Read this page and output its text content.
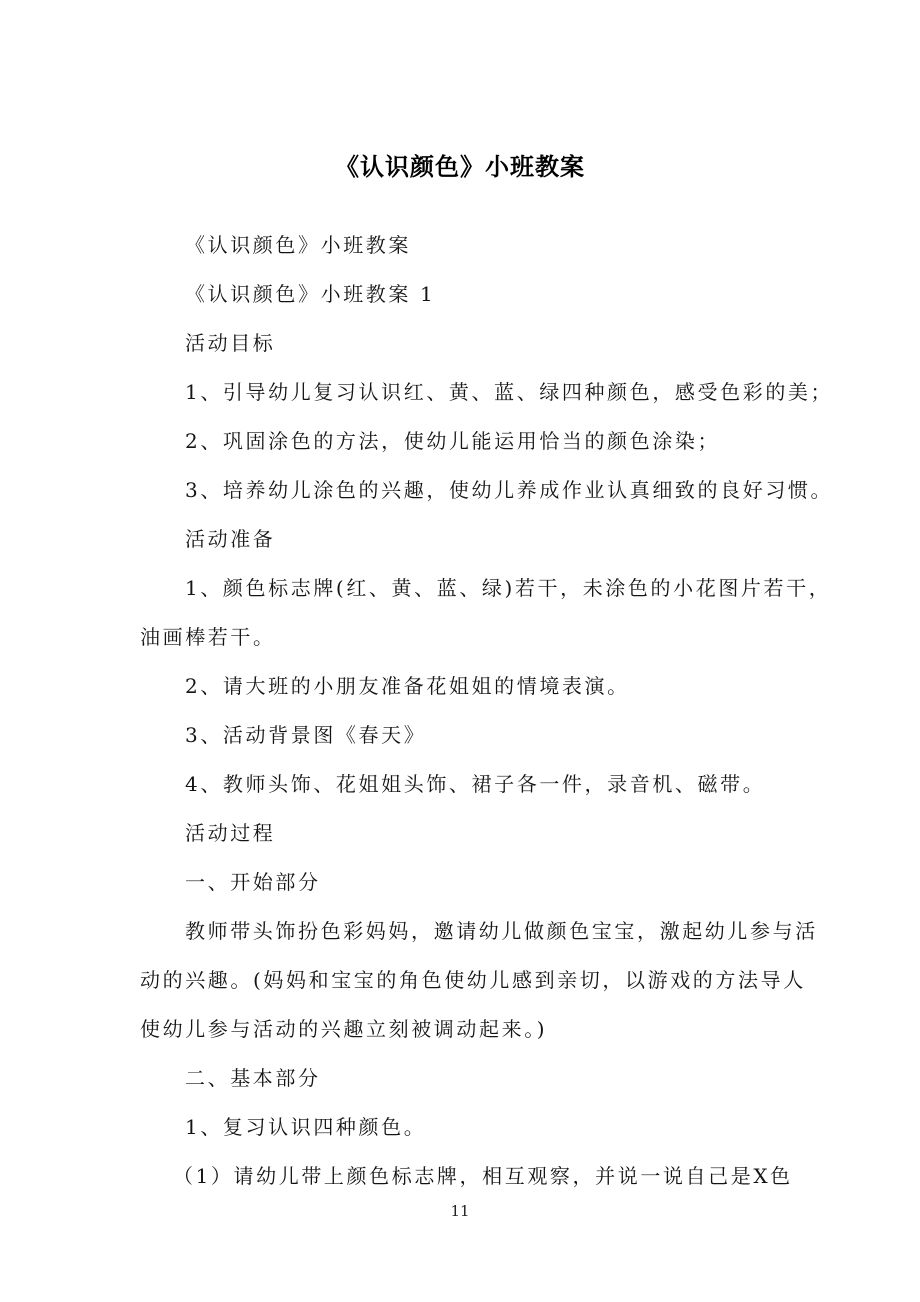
《认识颜色》小班教案
《认识颜色》小班教案
《认识颜色》小班教案 1
活动目标
1、引导幼儿复习认识红、黄、蓝、绿四种颜色，感受色彩的美；
2、巩固涂色的方法，使幼儿能运用恰当的颜色涂染；
3、培养幼儿涂色的兴趣，使幼儿养成作业认真细致的良好习惯。
活动准备
1、颜色标志牌(红、黄、蓝、绿)若干，未涂色的小花图片若干，
油画棒若干。
2、请大班的小朋友准备花姐姐的情境表演。
3、活动背景图《春天》
4、教师头饰、花姐姐头饰、裙子各一件，录音机、磁带。
活动过程
一、开始部分
教师带头饰扮色彩妈妈，邀请幼儿做颜色宝宝，激起幼儿参与活
动的兴趣。(妈妈和宝宝的角色使幼儿感到亲切，以游戏的方法导人
使幼儿参与活动的兴趣立刻被调动起来。)
二、基本部分
1、复习认识四种颜色。
（1）请幼儿带上颜色标志牌，相互观察，并说一说自己是X色
11
